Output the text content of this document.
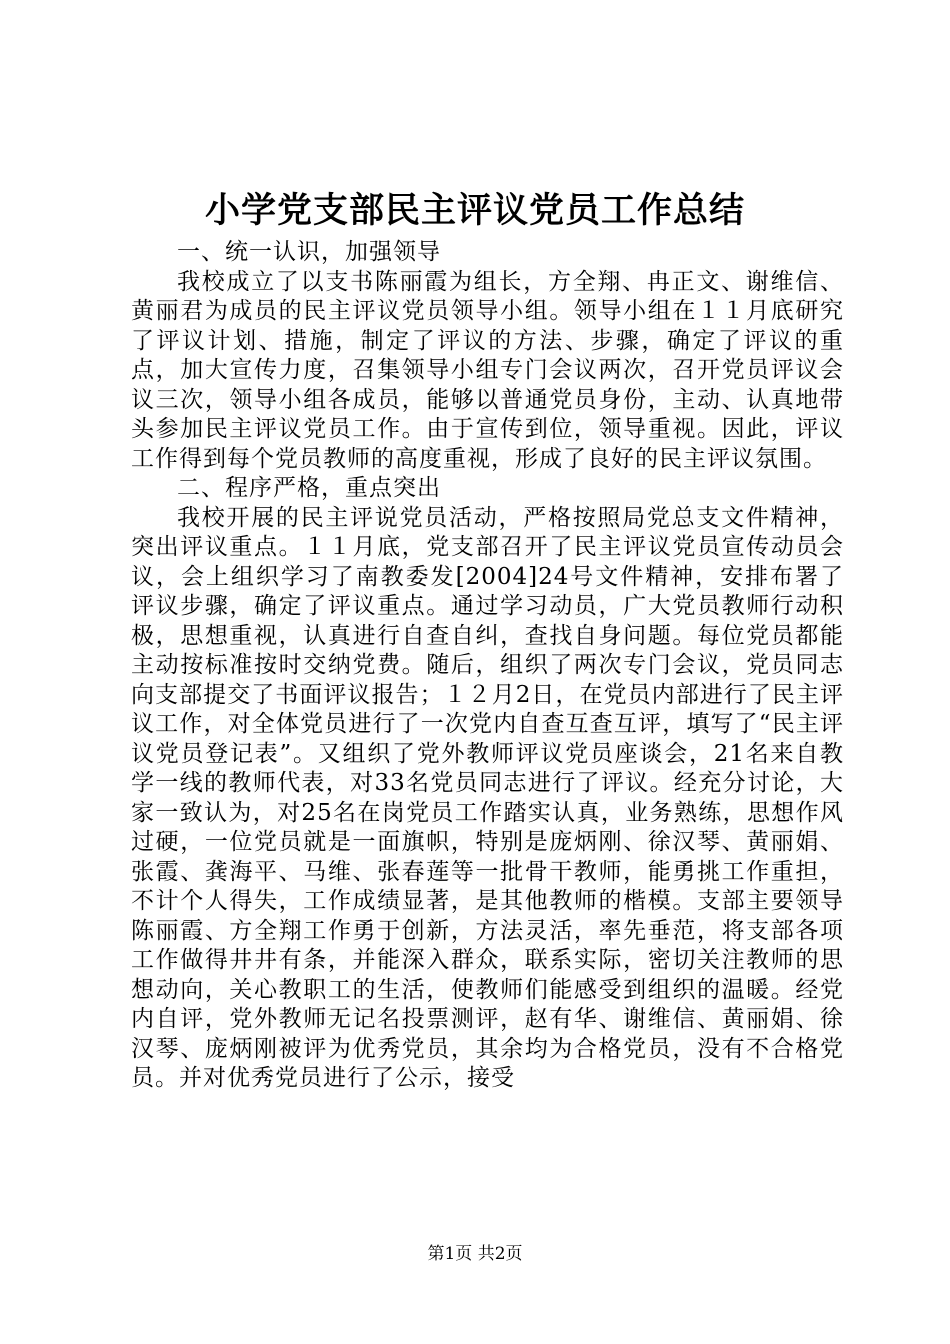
小学党支部民主评议党员工作总结

一、统一认识，加强领导

我校成立了以支书陈丽霞为组长，方全翔、冉正文、谢维信、黄丽君为成员的民主评议党员领导小组。领导小组在１１月底研究了评议计划、措施，制定了评议的方法、步骤，确定了评议的重点，加大宣传力度，召集领导小组专门会议两次，召开党员评议会议三次，领导小组各成员，能够以普通党员身份，主动、认真地带头参加民主评议党员工作。由于宣传到位，领导重视。因此，评议工作得到每个党员教师的高度重视，形成了良好的民主评议氛围。

二、程序严格，重点突出

我校开展的民主评说党员活动，严格按照局党总支文件精神，突出评议重点。１１月底，党支部召开了民主评议党员宣传动员会议，会上组织学习了南教委发[2004]24号文件精神，安排布署了评议步骤，确定了评议重点。通过学习动员，广大党员教师行动积极，思想重视，认真进行自查自纠，查找自身问题。每位党员都能主动按标准按时交纳党费。随后，组织了两次专门会议，党员同志向支部提交了书面评议报告；１２月2日，在党员内部进行了民主评议工作，对全体党员进行了一次党内自查互查互评，填写了“民主评议党员登记表”。又组织了党外教师评议党员座谈会，21名来自教学一线的教师代表，对33名党员同志进行了评议。经充分讨论，大家一致认为，对25名在岗党员工作踏实认真，业务熟练，思想作风过硬，一位党员就是一面旗帜，特别是庞炳刚、徐汉琴、黄丽娟、张霞、龚海平、马维、张春莲等一批骨干教师，能勇挑工作重担，不计个人得失，工作成绩显著，是其他教师的楷模。支部主要领导陈丽霞、方全翔工作勇于创新，方法灵活，率先垂范，将支部各项工作做得井井有条，并能深入群众，联系实际，密切关注教师的思想动向，关心教职工的生活，使教师们能感受到组织的温暖。经党内自评，党外教师无记名投票测评，赵有华、谢维信、黄丽娟、徐汉琴、庞炳刚被评为优秀党员，其余均为合格党员，没有不合格党员。并对优秀党员进行了公示，接受

第1页 共2页
